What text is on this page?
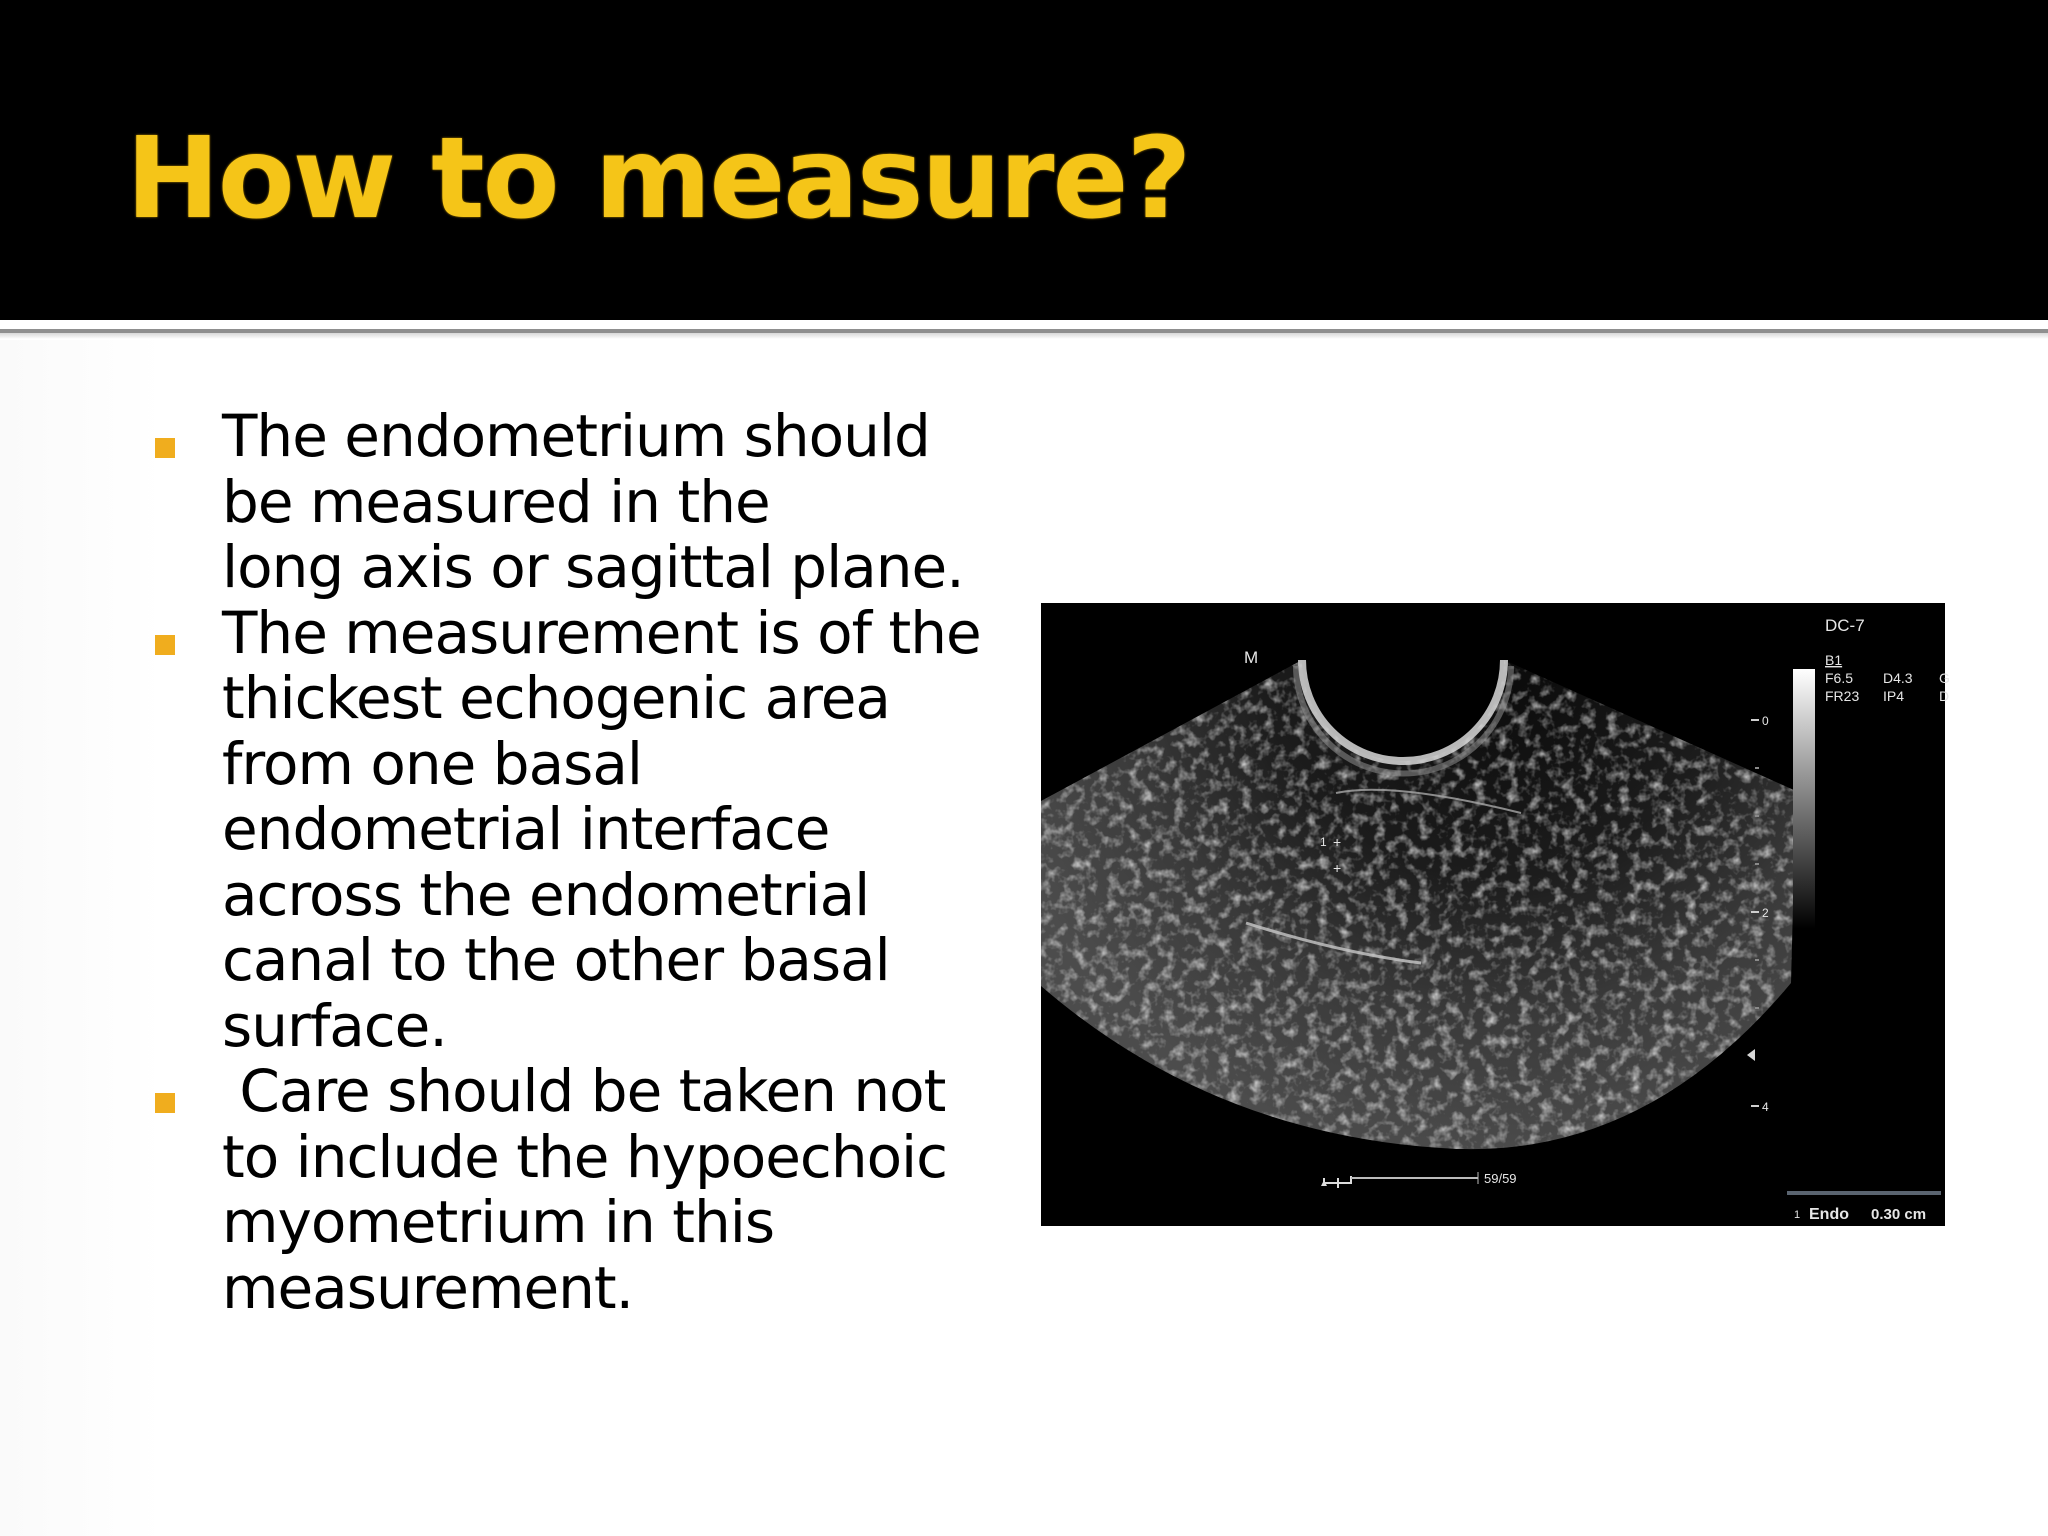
How to measure?
The endometrium should
be measured in the
long axis or sagittal plane.
The measurement is of the
thickest echogenic area
from one basal
endometrial interface
across the endometrial
canal to the other basal
surface.
Care should be taken not
to include the hypoechoic
myometrium in this
measurement.
M
DC-7
B1
F6.5 D4.3 G
FR23 IP4 D
0
2
4
1 +
+
59/59
1 Endo 0.30 cm
